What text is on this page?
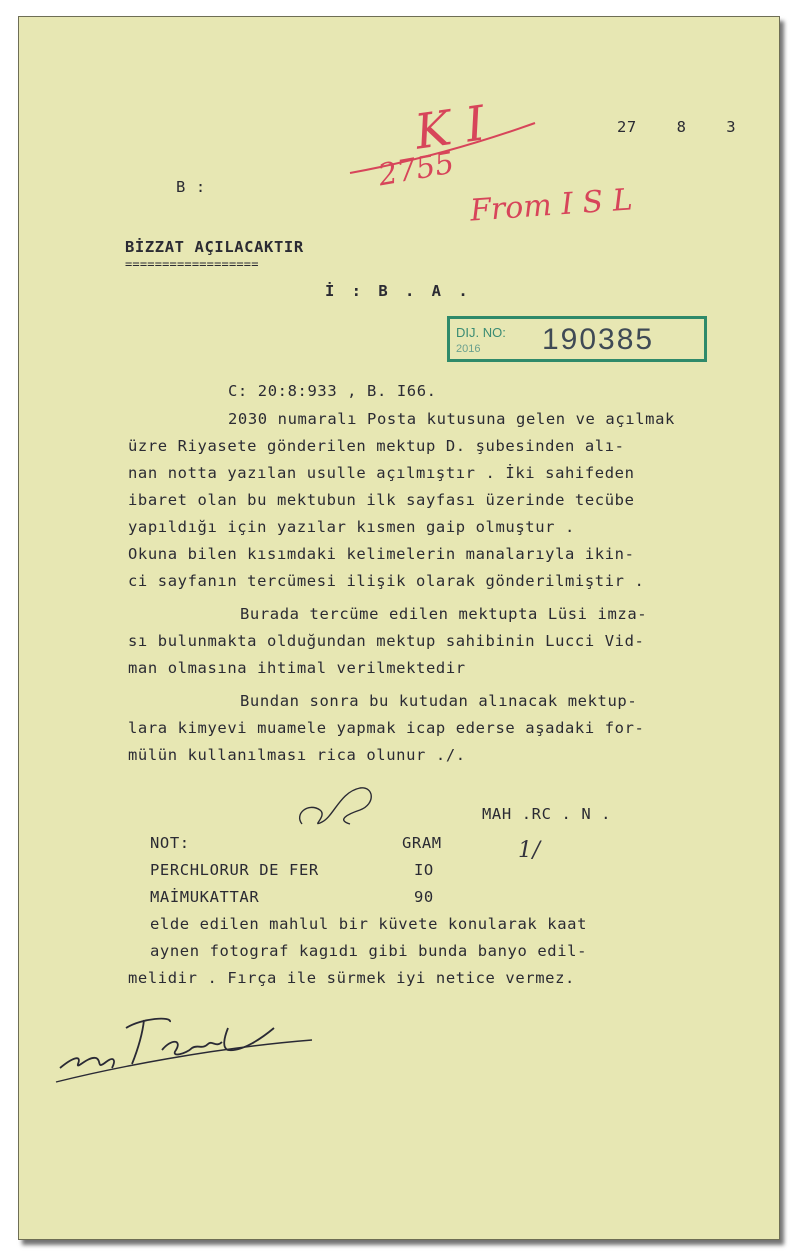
27    8    3
K I
2755
From I S L
B :
BİZZAT AÇILACAKTIR
==================
İ : B . A .
DIJ. NO:
2016 190385
C: 20:8:933 , B. I66.
2030 numaralı Posta kutusuna gelen ve açılmak
üzre Riyasete gönderilen mektup D. şubesinden alı-
nan notta yazılan usulle açılmıştır . İki sahifeden
ibaret olan bu mektubun ilk sayfası üzerinde tecübe
yapıldığı için yazılar kısmen gaip olmuştur .
Okuna bilen kısımdaki kelimelerin manalarıyla ikin-
ci sayfanın tercümesi ilişik olarak gönderilmiştir .
Burada tercüme edilen mektupta Lüsi imza-
sı bulunmakta olduğundan mektup sahibinin Lucci Vid-
man olmasına ihtimal verilmektedir
Bundan sonra bu kutudan alınacak mektup-
lara kimyevi muamele yapmak icap ederse aşadaki for-
mülün kullanılması rica olunur ./.
MAH .RC . N .
1/
NOT:	GRAM
PERCHLORUR DE FER	IO
MAİMUKATTAR	90
elde edilen mahlul bir küvete konularak kaat
aynen fotograf kagıdı gibi bunda banyo edil-
melidir . Fırça ile sürmek iyi netice vermez.
